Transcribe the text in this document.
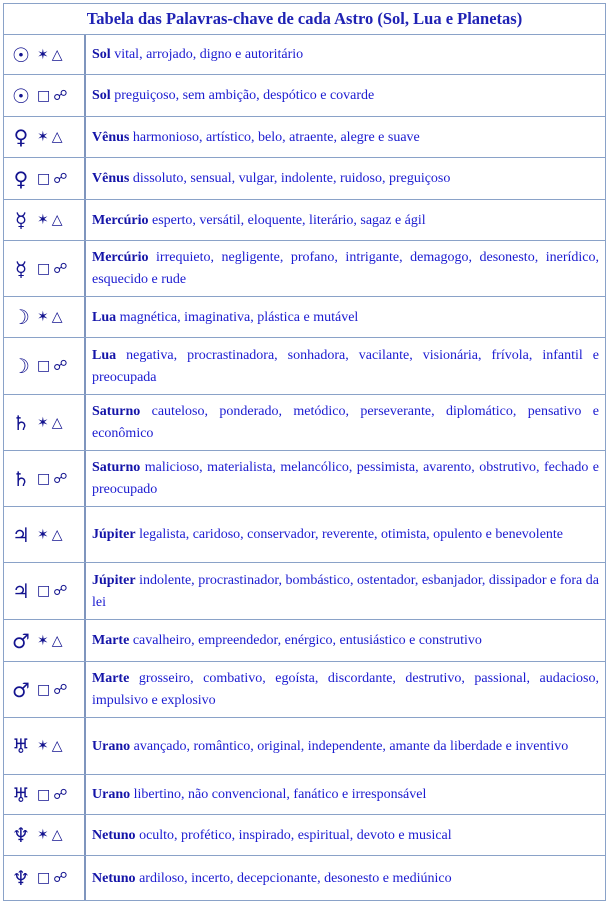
Tabela das Palavras-chave de cada Astro (Sol, Lua e Planetas)
☉ ✶△ Sol vital, arrojado, digno e autoritário
☉ □☍ Sol preguiçoso, sem ambição, despótico e covarde
♀ ✶△ Vênus harmonioso, artístico, belo, atraente, alegre e suave
♀ □☍ Vênus dissoluto, sensual, vulgar, indolente, ruidoso, preguiçoso
☿ ✶△ Mercúrio esperto, versátil, eloquente, literário, sagaz e ágil
☿ □☍
Mercúrio irrequieto, negligente, profano, intrigante, demagogo, desonesto, inerídico, esquecido e rude
☽ ✶△ Lua magnética, imaginativa, plástica e mutável
☽ □☍
Lua negativa, procrastinadora, sonhadora, vacilante, visionária, frívola, infantil e preocupada
♄ ✶△
Saturno cauteloso, ponderado, metódico, perseverante, diplomático, pensativo e econômico
♄ □☍
Saturno malicioso, materialista, melancólico, pessimista, avarento, obstrutivo, fechado e preocupado
♃ ✶△ Júpiter legalista, caridoso, conservador, reverente, otimista, opulento e benevolente
♃ □☍
Júpiter indolente, procrastinador, bombástico, ostentador, esbanjador, dissipador e fora da lei
♂ ✶△ Marte cavalheiro, empreendedor, enérgico, entusiástico e construtivo
♂ □☍
Marte grosseiro, combativo, egoísta, discordante, destrutivo, passional, audacioso, impulsivo e explosivo
♅ ✶△ Urano avançado, romântico, original, independente, amante da liberdade e inventivo
♅ □☍ Urano libertino, não convencional, fanático e irresponsável
♆ ✶△ Netuno oculto, profético, inspirado, espiritual, devoto e musical
♆ □☍ Netuno ardiloso, incerto, decepcionante, desonesto e mediúnico
